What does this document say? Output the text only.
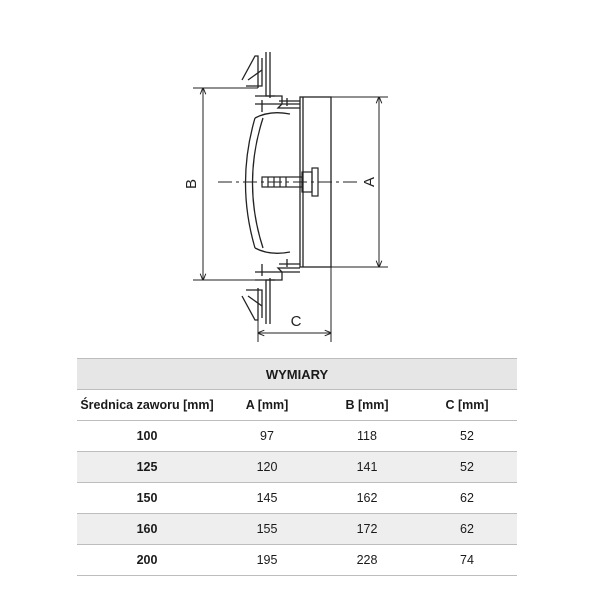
B	A
C
WYMIARY			
Średnica zaworu [mm]	A [mm]	B [mm]	C [mm]
100	97	118	52
125	120	141	52
150	145	162	62
160	155	172	62
200	195	228	74
